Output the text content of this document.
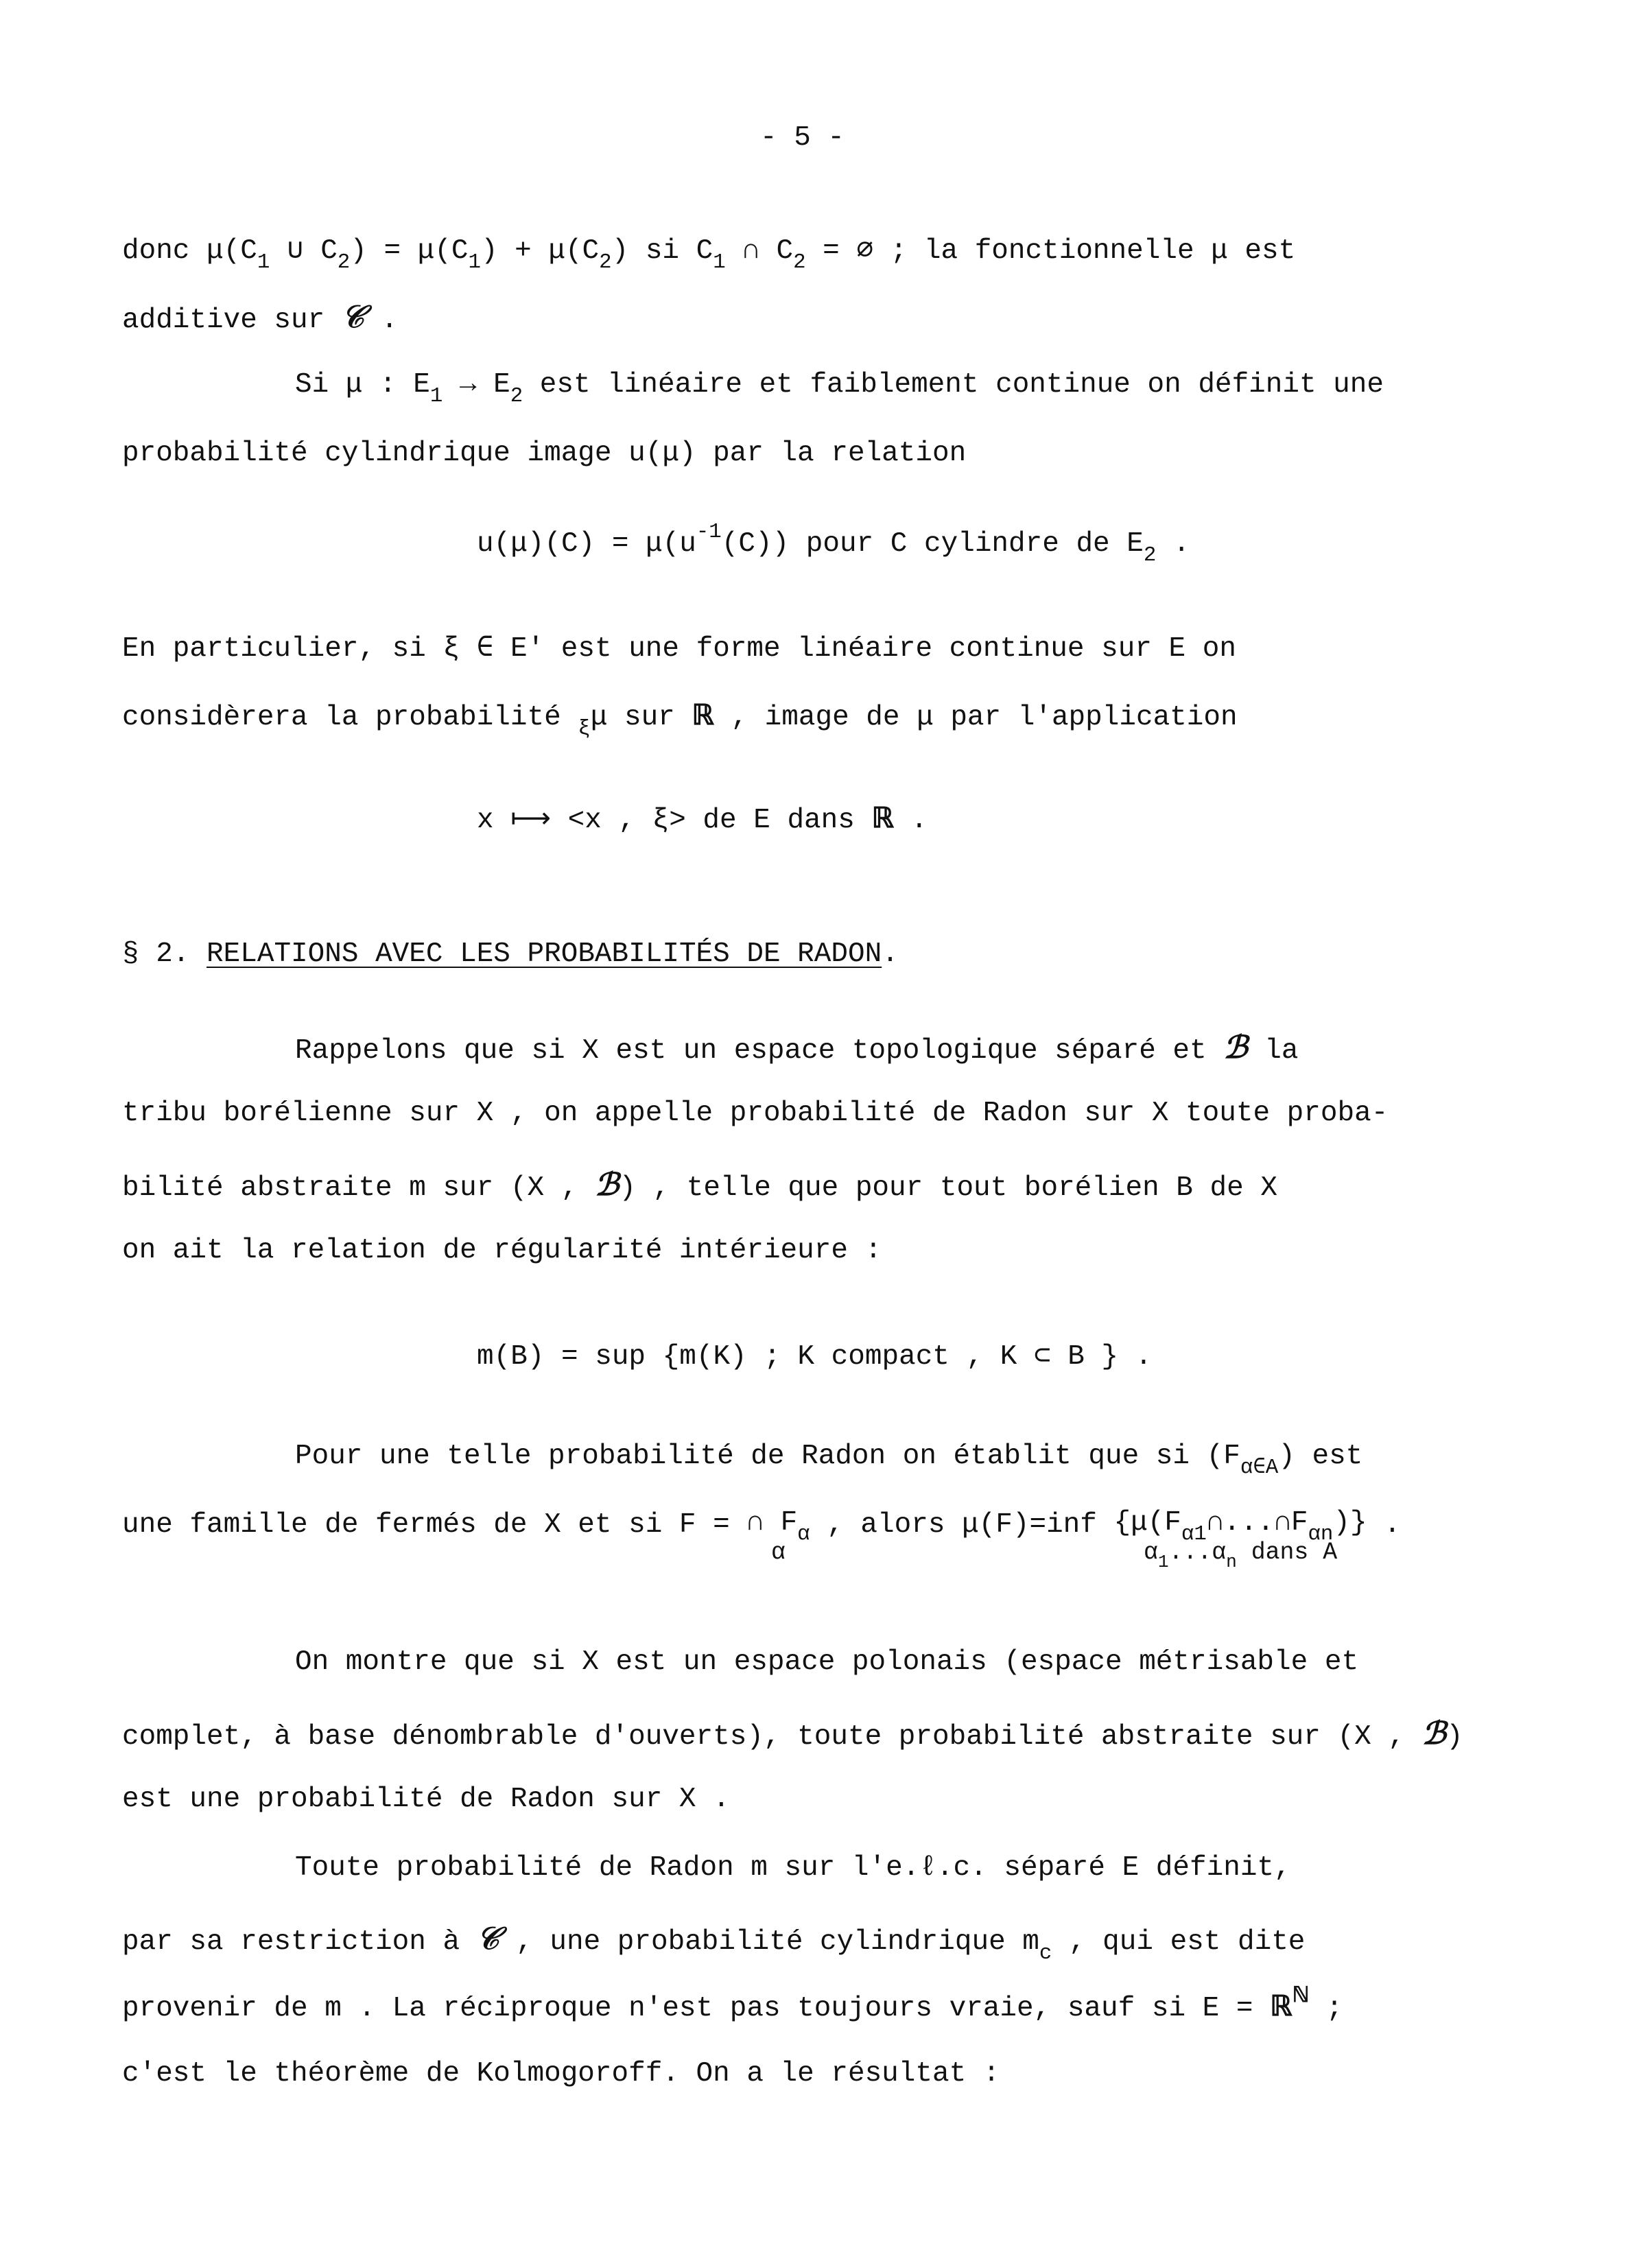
- 5 -
donc $\mu(C_1$ ∪ $C_2) = \mu(C_1) + \mu(C_2)$ si $C_1$ ∩ $C_2$ = ∅ ; la fonctionnelle μ est
additive sur 𝒞 .
Si μ : $E_1 \to E_2$ est linéaire et faiblement continue on définit une
probabilité cylindrique image u(μ) par la relation
$u(\mu)(C) = \mu(u^{-1}(C))$ pour C cylindre de $E_2$ .
En particulier, si ξ ∈ E' est une forme linéaire continue sur E on
considèrera la probabilité $_\xi$μ sur ℝ , image de μ par l'application
x ⟼ <x , ξ> de E dans ℝ .
§ 2. RELATIONS AVEC LES PROBABILITÉS DE RADON.
Rappelons que si X est un espace topologique séparé et ℬ la
tribu borélienne sur X , on appelle probabilité de Radon sur X toute proba-
bilité abstraite m sur (X , ℬ) , telle que pour tout borélien B de X
on ait la relation de régularité intérieure :
m(B) = sup {m(K) ; K compact , K ⊂ B } .
Pour une telle probabilité de Radon on établit que si $(F_{\alpha\in A})$ est
une famille de fermés de X et si F = ∩ $F_\alpha$
α
, alors μ(F)=inf $\{\mu(F_{\alpha 1}\cap...\cap F_{\alpha n})\}$
$\alpha_1...\alpha_n$ dans A
.
On montre que si X est un espace polonais (espace métrisable et
complet, à base dénombrable d'ouverts), toute probabilité abstraite sur (X , ℬ)
est une probabilité de Radon sur X .
Toute probabilité de Radon m sur l'e.ℓ.c. séparé E définit,
par sa restriction à 𝒞 , une probabilité cylindrique $m_c$ , qui est dite
provenir de m . La réciproque n'est pas toujours vraie, sauf si E = ℝ$^ℕ$ ;
c'est le théorème de Kolmogoroff. On a le résultat :
